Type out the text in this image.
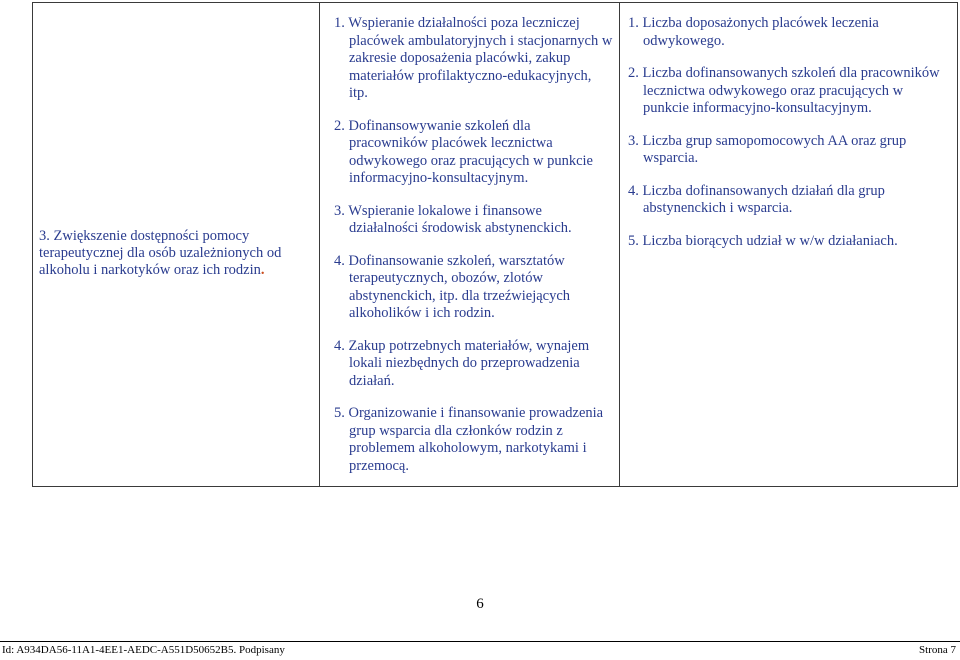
3. Zwiększenie dostępności pomocy terapeutycznej dla osób uzależnionych od alkoholu i narkotyków oraz ich rodzin.

1. Wspieranie działalności poza leczniczej placówek ambulatoryjnych i stacjonarnych w zakresie doposażenia placówki, zakup materiałów profilaktyczno-edukacyjnych, itp.

2. Dofinansowywanie szkoleń dla pracowników placówek lecznictwa odwykowego oraz pracujących w punkcie informacyjno-konsultacyjnym.

3. Wspieranie lokalowe i finansowe działalności środowisk abstynenckich.

4. Dofinansowanie szkoleń, warsztatów terapeutycznych, obozów, zlotów abstynenckich, itp. dla trzeźwiejących alkoholików i ich rodzin.

4. Zakup potrzebnych materiałów, wynajem lokali niezbędnych do przeprowadzenia działań.

5. Organizowanie i finansowanie prowadzenia grup wsparcia dla członków rodzin z problemem alkoholowym, narkotykami i przemocą.

1. Liczba doposażonych placówek leczenia odwykowego.

2. Liczba dofinansowanych szkoleń dla pracowników lecznictwa odwykowego oraz pracujących w punkcie informacyjno-konsultacyjnym.

3. Liczba grup samopomocowych AA oraz grup wsparcia.

4. Liczba dofinansowanych działań dla grup abstynenckich i wsparcia.

5. Liczba biorących udział w w/w działaniach.

6
Id: A934DA56-11A1-4EE1-AEDC-A551D50652B5. Podpisany	Strona 7
